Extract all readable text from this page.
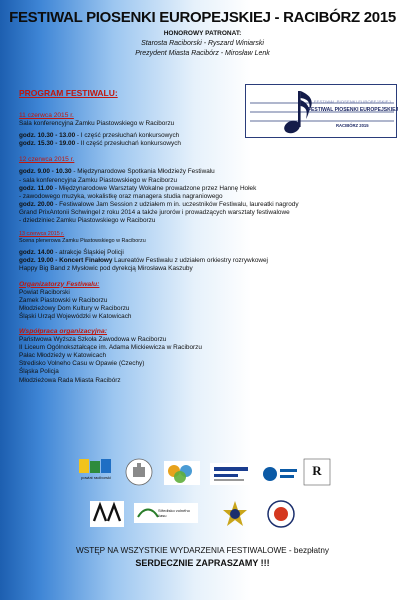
FESTIWAL PIOSENKI EUROPEJSKIEJ - RACIBÓRZ 2015
HONOROWY PATRONAT:
Starosta Raciborski - Ryszard Winiarski
Prezydent Miasta Racibórz - Mirosław Lenk
FESTIWAL PIOSENKI EUROPEJSKIEJ
FESTIWAL PIOSENKI EUROPEJSKIEJ
RACIBÓRZ 2015
PROGRAM FESTIWALU:
11 czerwca 2015 r.
Sala konferencyjna Zamku Piastowskiego w Raciborzu
godz. 10.30 - 13.00 - I część przesłuchań konkursowych
godz. 15.30 - 19.00 - II część przesłuchań konkursowych
12 czerwca 2015 r.
godz. 9.00 - 10.30 - Międzynarodowe Spotkania Młodzieży Festiwalu
- sala konferencyjna Zamku Piastowskiego w Raciborzu
godz. 11.00 - Międzynarodowe Warsztaty Wokalne prowadzone przez Hannę Hołek
- zawodowego muzyka, wokalistkę oraz managera studia nagraniowego
godz. 20.00 - Festiwalowe Jam Session z udziałem m in. uczestników Festiwalu, laureatki nagrody
Grand PrixAntonii Schwingel z roku 2014 a także jurorów i prowadzących warsztaty festiwalowe
- dziedziniec Zamku Piastowskiego w Raciborzu
13 czerwca 2015 r.
Scena plenerowa Zamku Piastowskiego w Raciborzu
godz. 14.00 - atrakcje Śląskiej Policji
godz. 19.00 - Koncert Finałowy Laureatów Festiwalu z udziałem orkiestry rozrywkowej
Happy Big Band z Mysłowic pod dyrekcją Mirosława Kaszuby
Organizatorzy Festiwalu:
Powiat Raciborski
Zamek Piastowski w Raciborzu
Młodzieżowy Dom Kultury w Raciborzu
Śląski Urząd Wojewódzki w Katowicach
Współpraca organizacyjna:
Państwowa Wyższa Szkoła Zawodowa w Raciborzu
II Liceum Ogólnokształcące im. Adama Mickiewicza w Raciborzu
Pałac Młodzieży w Katowicach
Stredisko Volneho Casu w Opawie (Czechy)
Śląska Policja
Młodzieżowa Rada Miasta Racibórz
powiat raciborski	R
Středisko volného času
WSTĘP NA WSZYSTKIE WYDARZENIA FESTIWALOWE - bezpłatny
SERDECZNIE ZAPRASZAMY !!!
